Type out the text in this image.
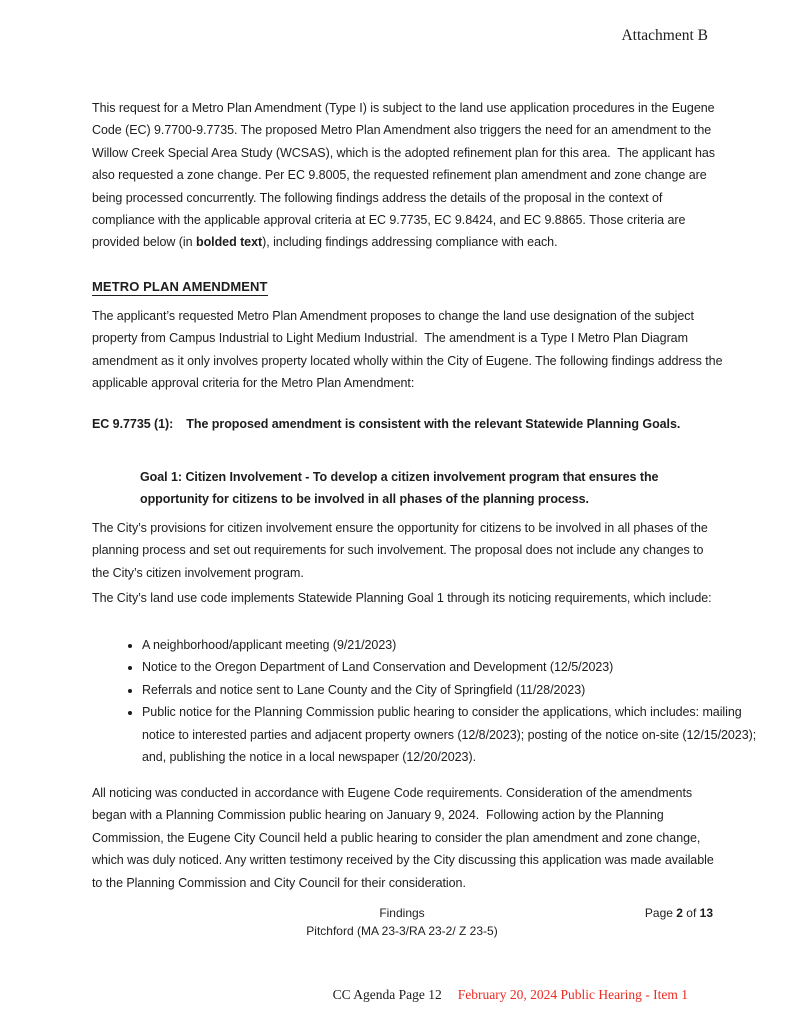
Attachment B
This request for a Metro Plan Amendment (Type I) is subject to the land use application procedures in the Eugene Code (EC) 9.7700-9.7735. The proposed Metro Plan Amendment also triggers the need for an amendment to the Willow Creek Special Area Study (WCSAS), which is the adopted refinement plan for this area.  The applicant has also requested a zone change. Per EC 9.8005, the requested refinement plan amendment and zone change are being processed concurrently. The following findings address the details of the proposal in the context of compliance with the applicable approval criteria at EC 9.7735, EC 9.8424, and EC 9.8865. Those criteria are provided below (in bolded text), including findings addressing compliance with each.
METRO PLAN AMENDMENT
The applicant’s requested Metro Plan Amendment proposes to change the land use designation of the subject property from Campus Industrial to Light Medium Industrial.  The amendment is a Type I Metro Plan Diagram amendment as it only involves property located wholly within the City of Eugene. The following findings address the applicable approval criteria for the Metro Plan Amendment:
EC 9.7735 (1): The proposed amendment is consistent with the relevant Statewide Planning Goals.
Goal 1: Citizen Involvement - To develop a citizen involvement program that ensures the opportunity for citizens to be involved in all phases of the planning process.
The City’s provisions for citizen involvement ensure the opportunity for citizens to be involved in all phases of the planning process and set out requirements for such involvement. The proposal does not include any changes to the City’s citizen involvement program.
The City’s land use code implements Statewide Planning Goal 1 through its noticing requirements, which include:
• A neighborhood/applicant meeting (9/21/2023)
• Notice to the Oregon Department of Land Conservation and Development (12/5/2023)
• Referrals and notice sent to Lane County and the City of Springfield (11/28/2023)
• Public notice for the Planning Commission public hearing to consider the applications, which includes: mailing notice to interested parties and adjacent property owners (12/8/2023); posting of the notice on-site (12/15/2023); and, publishing the notice in a local newspaper (12/20/2023).
All noticing was conducted in accordance with Eugene Code requirements. Consideration of the amendments began with a Planning Commission public hearing on January 9, 2024.  Following action by the Planning Commission, the Eugene City Council held a public hearing to consider the plan amendment and zone change, which was duly noticed. Any written testimony received by the City discussing this application was made available to the Planning Commission and City Council for their consideration.
Findings
Pitchford (MA 23-3/RA 23-2/ Z 23-5)
Page 2 of 13
CC Agenda Page 12 February 20, 2024 Public Hearing - Item 1
